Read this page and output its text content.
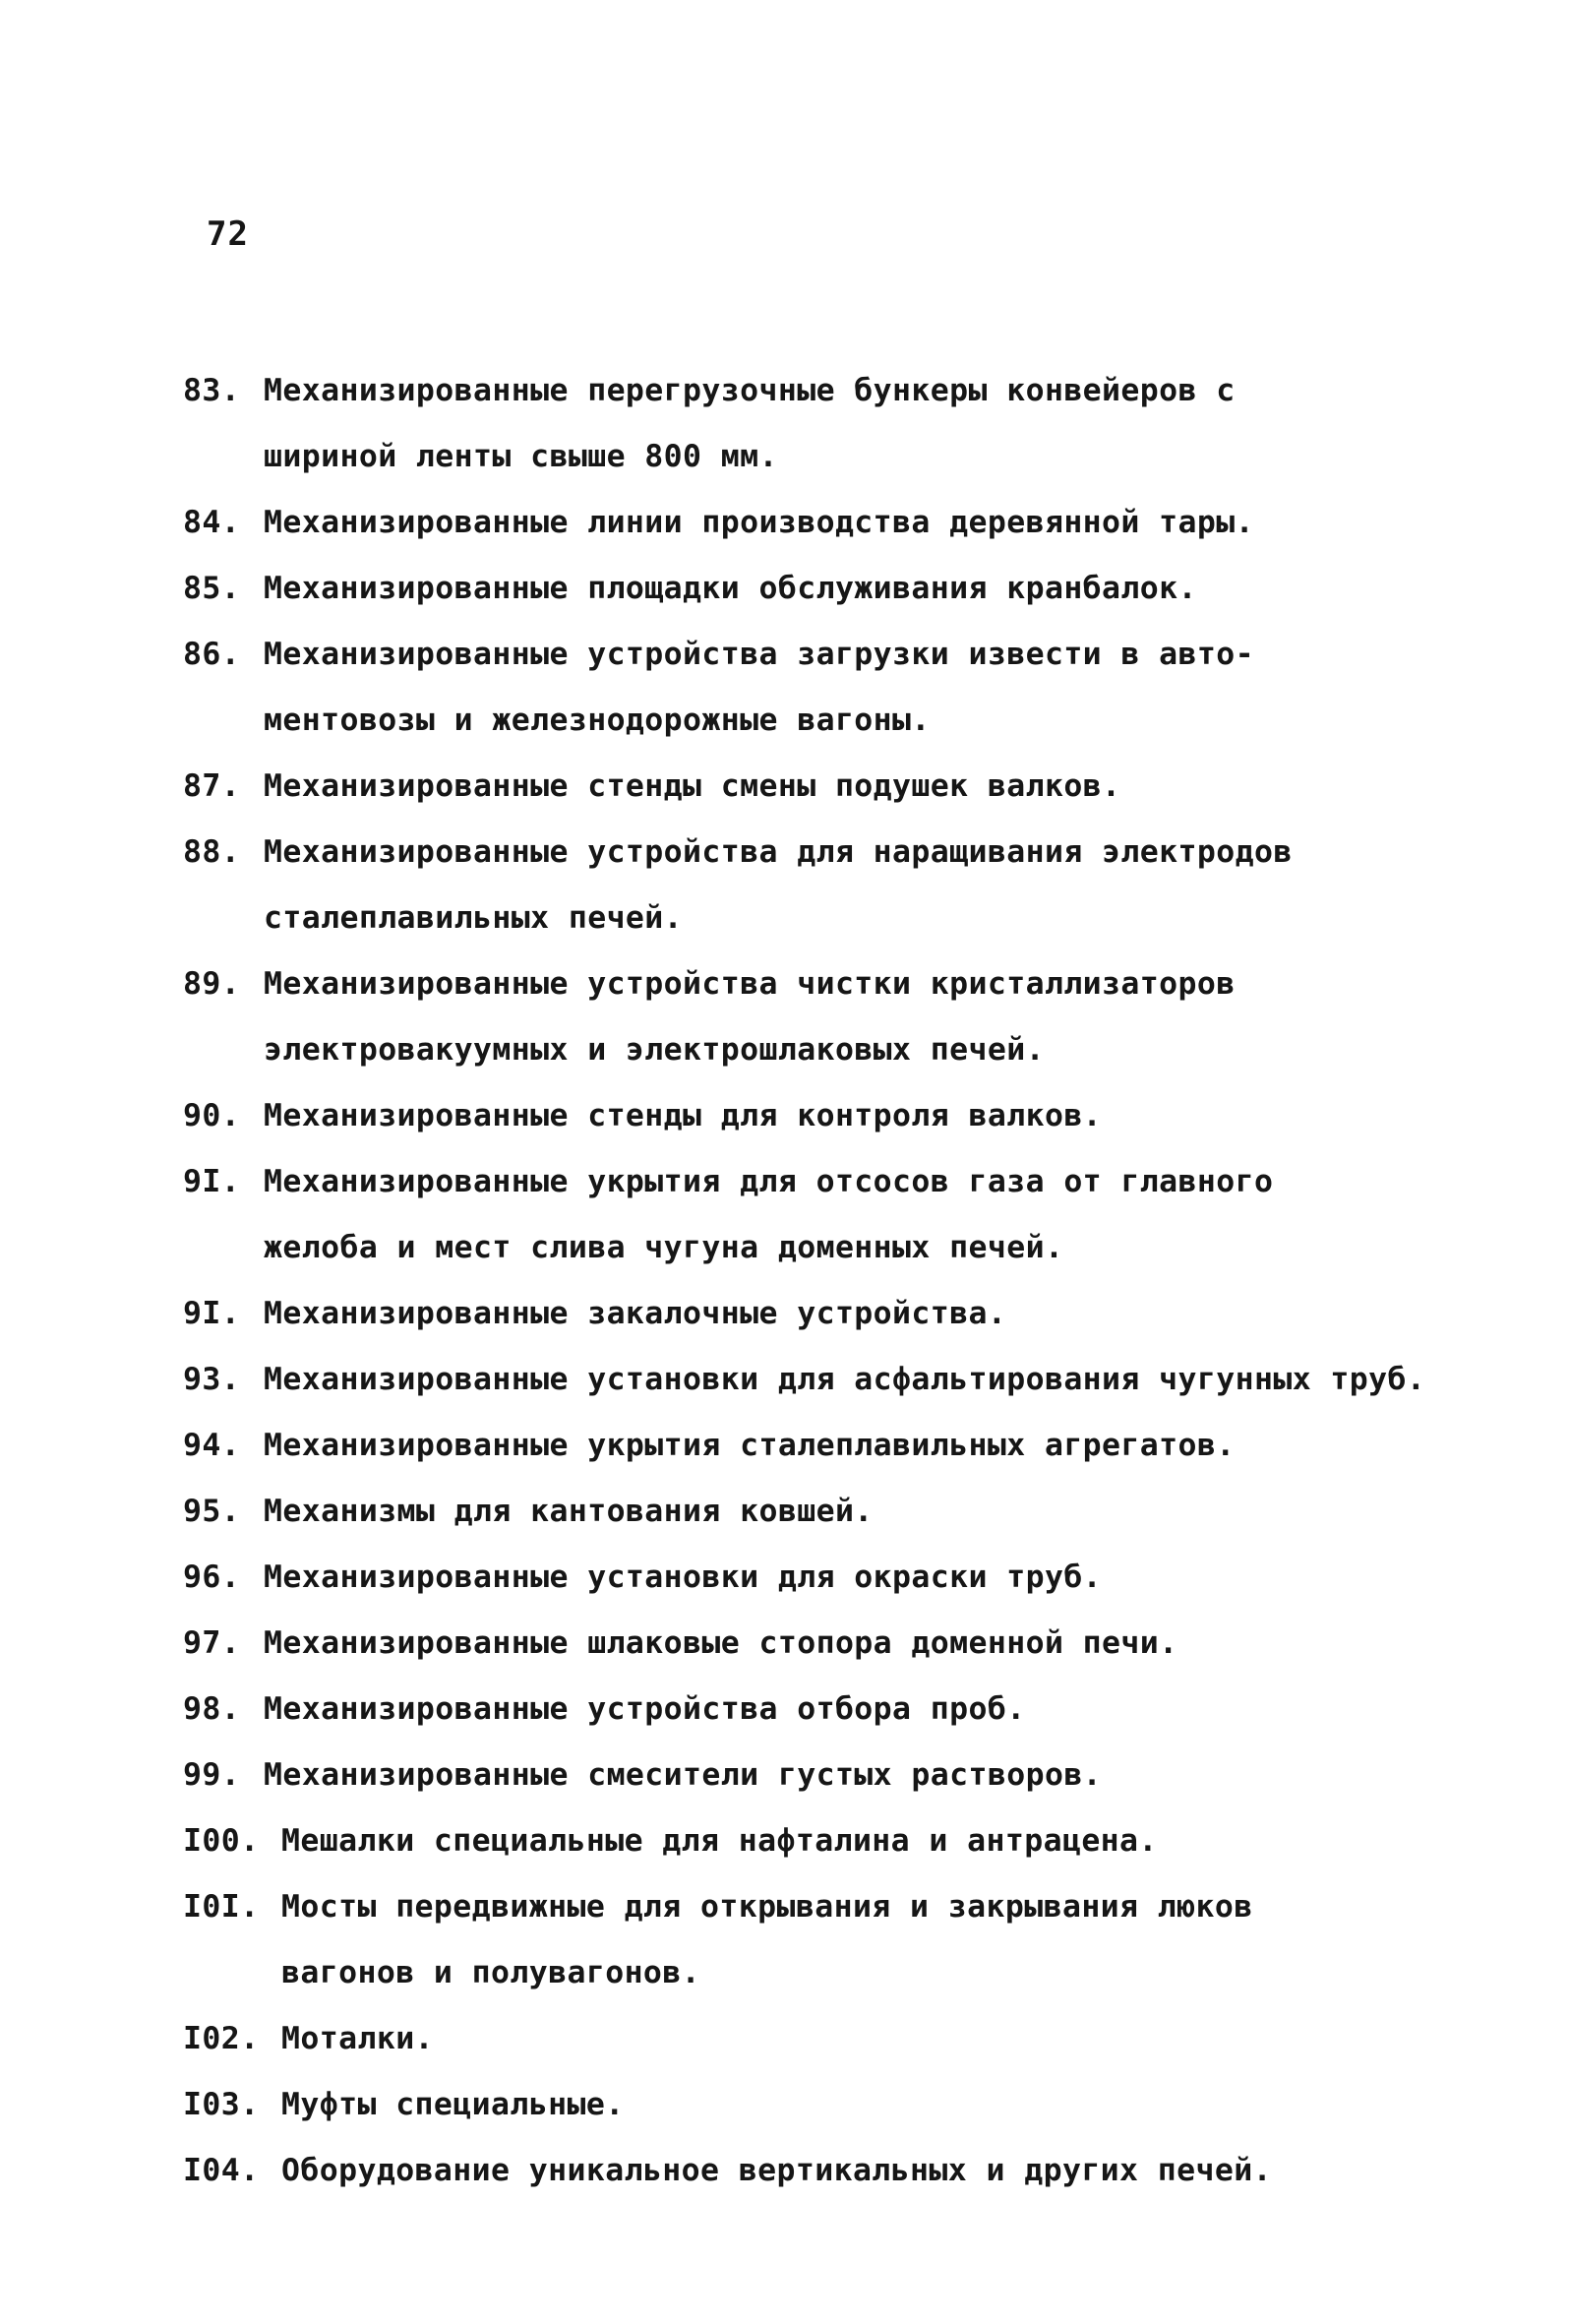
72
83. Механизированные перегрузочные бункеры конвейеров с
шириной ленты свыше 800 мм.
84. Механизированные линии производства деревянной тары.
85. Механизированные площадки обслуживания кранбалок.
86. Механизированные устройства загрузки извести в авто-
ментовозы и железнодорожные вагоны.
87. Механизированные стенды смены подушек валков.
88. Механизированные устройства для наращивания электродов
сталеплавильных печей.
89. Механизированные устройства чистки кристаллизаторов
электровакуумных и электрошлаковых печей.
90. Механизированные стенды для контроля валков.
9I. Механизированные укрытия для отсосов газа от главного
желоба и мест слива чугуна доменных печей.
9I. Механизированные закалочные устройства.
93. Механизированные установки для асфальтирования чугунных труб.
94. Механизированные укрытия сталеплавильных агрегатов.
95. Механизмы для кантования ковшей.
96. Механизированные установки для окраски труб.
97. Механизированные шлаковые стопора доменной печи.
98. Механизированные устройства отбора проб.
99. Механизированные смесители густых растворов.
I00. Мешалки специальные для нафталина и антрацена.
I0I. Мосты передвижные для открывания и закрывания люков
вагонов и полувагонов.
I02. Моталки.
I03. Муфты специальные.
I04. Оборудование уникальное вертикальных и других печей.
